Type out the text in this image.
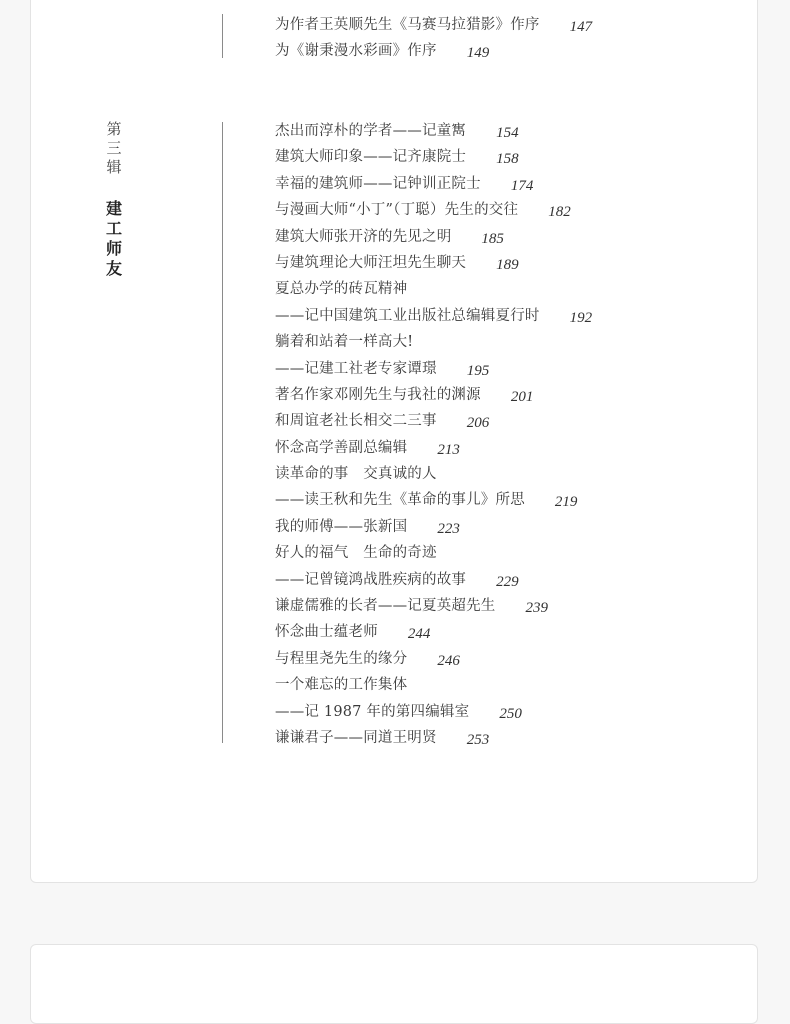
为作者王英顺先生《马赛马拉猎影》作序 147
为《谢秉漫水彩画》作序 149
第
三
辑
建
工
师
友
杰出而淳朴的学者——记童寯 154
建筑大师印象——记齐康院士 158
幸福的建筑师——记钟训正院士 174
与漫画大师“小丁”（丁聪）先生的交往 182
建筑大师张开济的先见之明 185
与建筑理论大师汪坦先生聊天 189
夏总办学的砖瓦精神
——记中国建筑工业出版社总编辑夏行时 192
躺着和站着一样高大!
——记建工社老专家谭璟 195
著名作家邓刚先生与我社的渊源 201
和周谊老社长相交二三事 206
怀念高学善副总编辑 213
读革命的事　交真诚的人
——读王秋和先生《革命的事儿》所思 219
我的师傅——张新国 223
好人的福气　生命的奇迹
——记曾镜鸿战胜疾病的故事 229
谦虚儒雅的长者——记夏英超先生 239
怀念曲士蕴老师 244
与程里尧先生的缘分 246
一个难忘的工作集体
——记 1987 年的第四编辑室 250
谦谦君子——同道王明贤 253
